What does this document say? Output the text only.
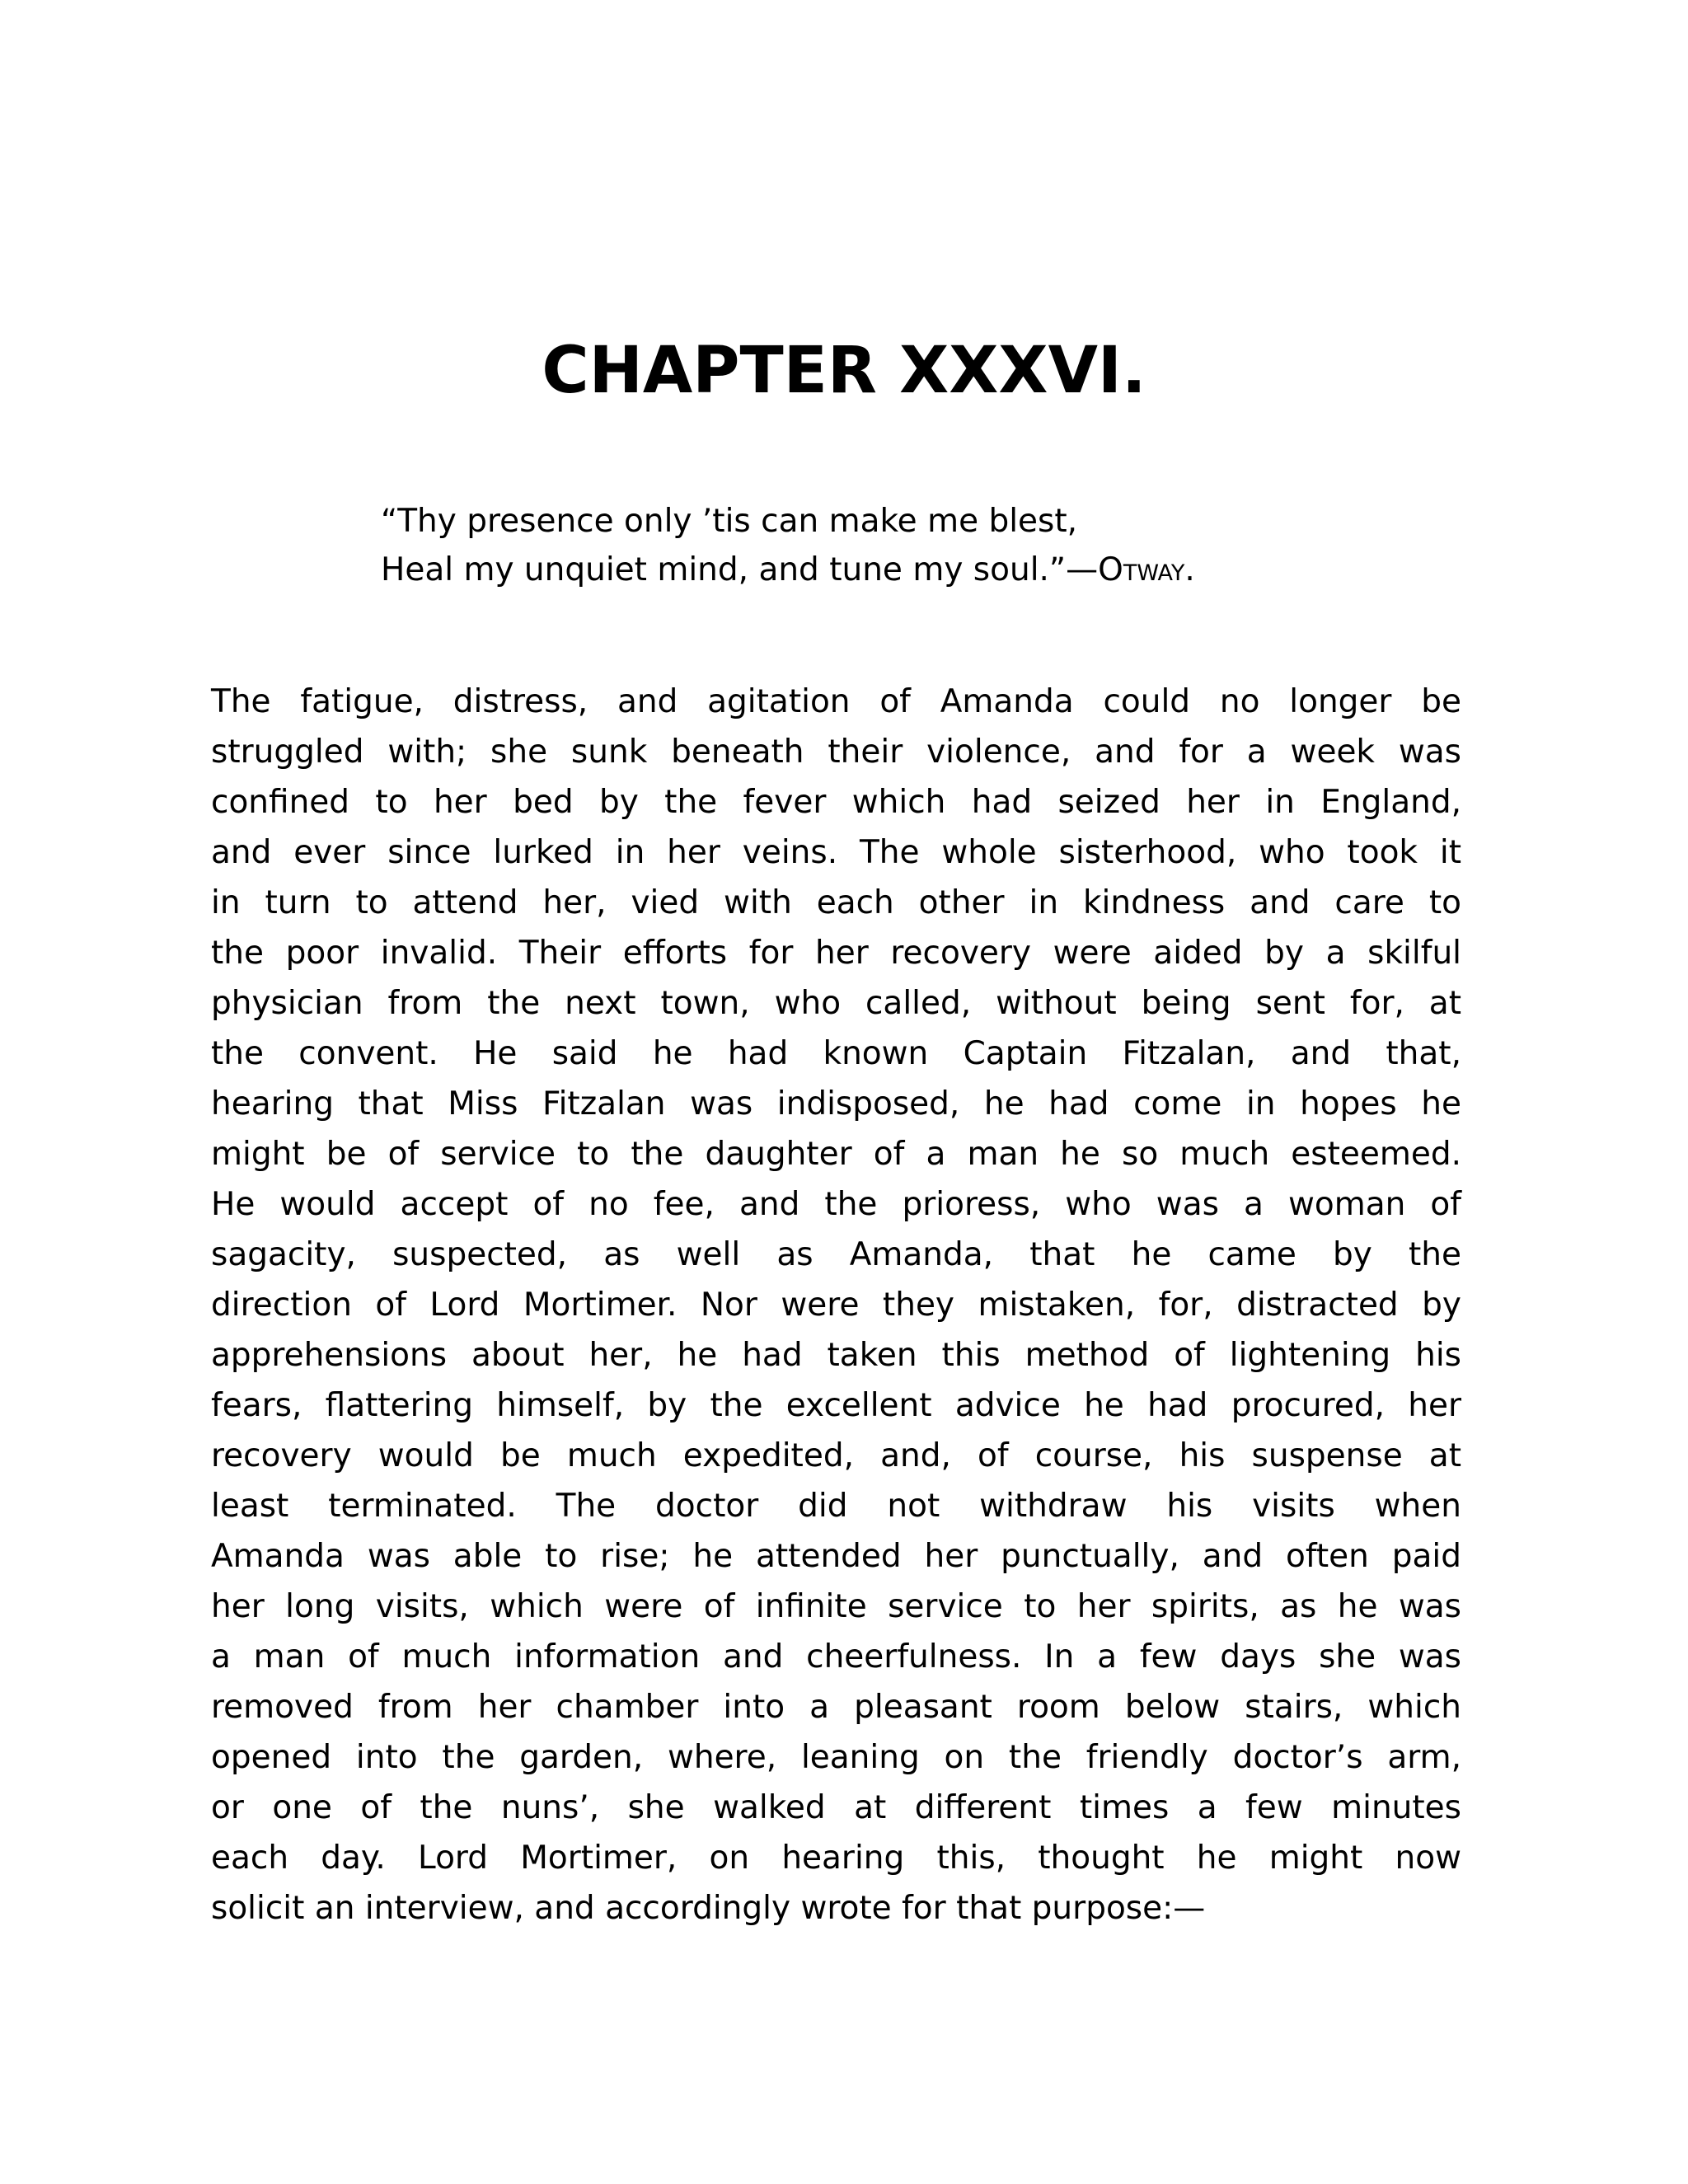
CHAPTER XXXVI.
“Thy presence only ’tis can make me blest,
Heal my unquiet mind, and tune my soul.”—Otway.
The fatigue, distress, and agitation of Amanda could no longer be
struggled with; she sunk beneath their violence, and for a week was
confined to her bed by the fever which had seized her in England,
and ever since lurked in her veins. The whole sisterhood, who took it
in turn to attend her, vied with each other in kindness and care to
the poor invalid. Their efforts for her recovery were aided by a skilful
physician from the next town, who called, without being sent for, at
the convent. He said he had known Captain Fitzalan, and that,
hearing that Miss Fitzalan was indisposed, he had come in hopes he
might be of service to the daughter of a man he so much esteemed.
He would accept of no fee, and the prioress, who was a woman of
sagacity, suspected, as well as Amanda, that he came by the
direction of Lord Mortimer. Nor were they mistaken, for, distracted by
apprehensions about her, he had taken this method of lightening his
fears, flattering himself, by the excellent advice he had procured, her
recovery would be much expedited, and, of course, his suspense at
least terminated. The doctor did not withdraw his visits when
Amanda was able to rise; he attended her punctually, and often paid
her long visits, which were of infinite service to her spirits, as he was
a man of much information and cheerfulness. In a few days she was
removed from her chamber into a pleasant room below stairs, which
opened into the garden, where, leaning on the friendly doctor’s arm,
or one of the nuns’, she walked at different times a few minutes
each day. Lord Mortimer, on hearing this, thought he might now
solicit an interview, and accordingly wrote for that purpose:—
